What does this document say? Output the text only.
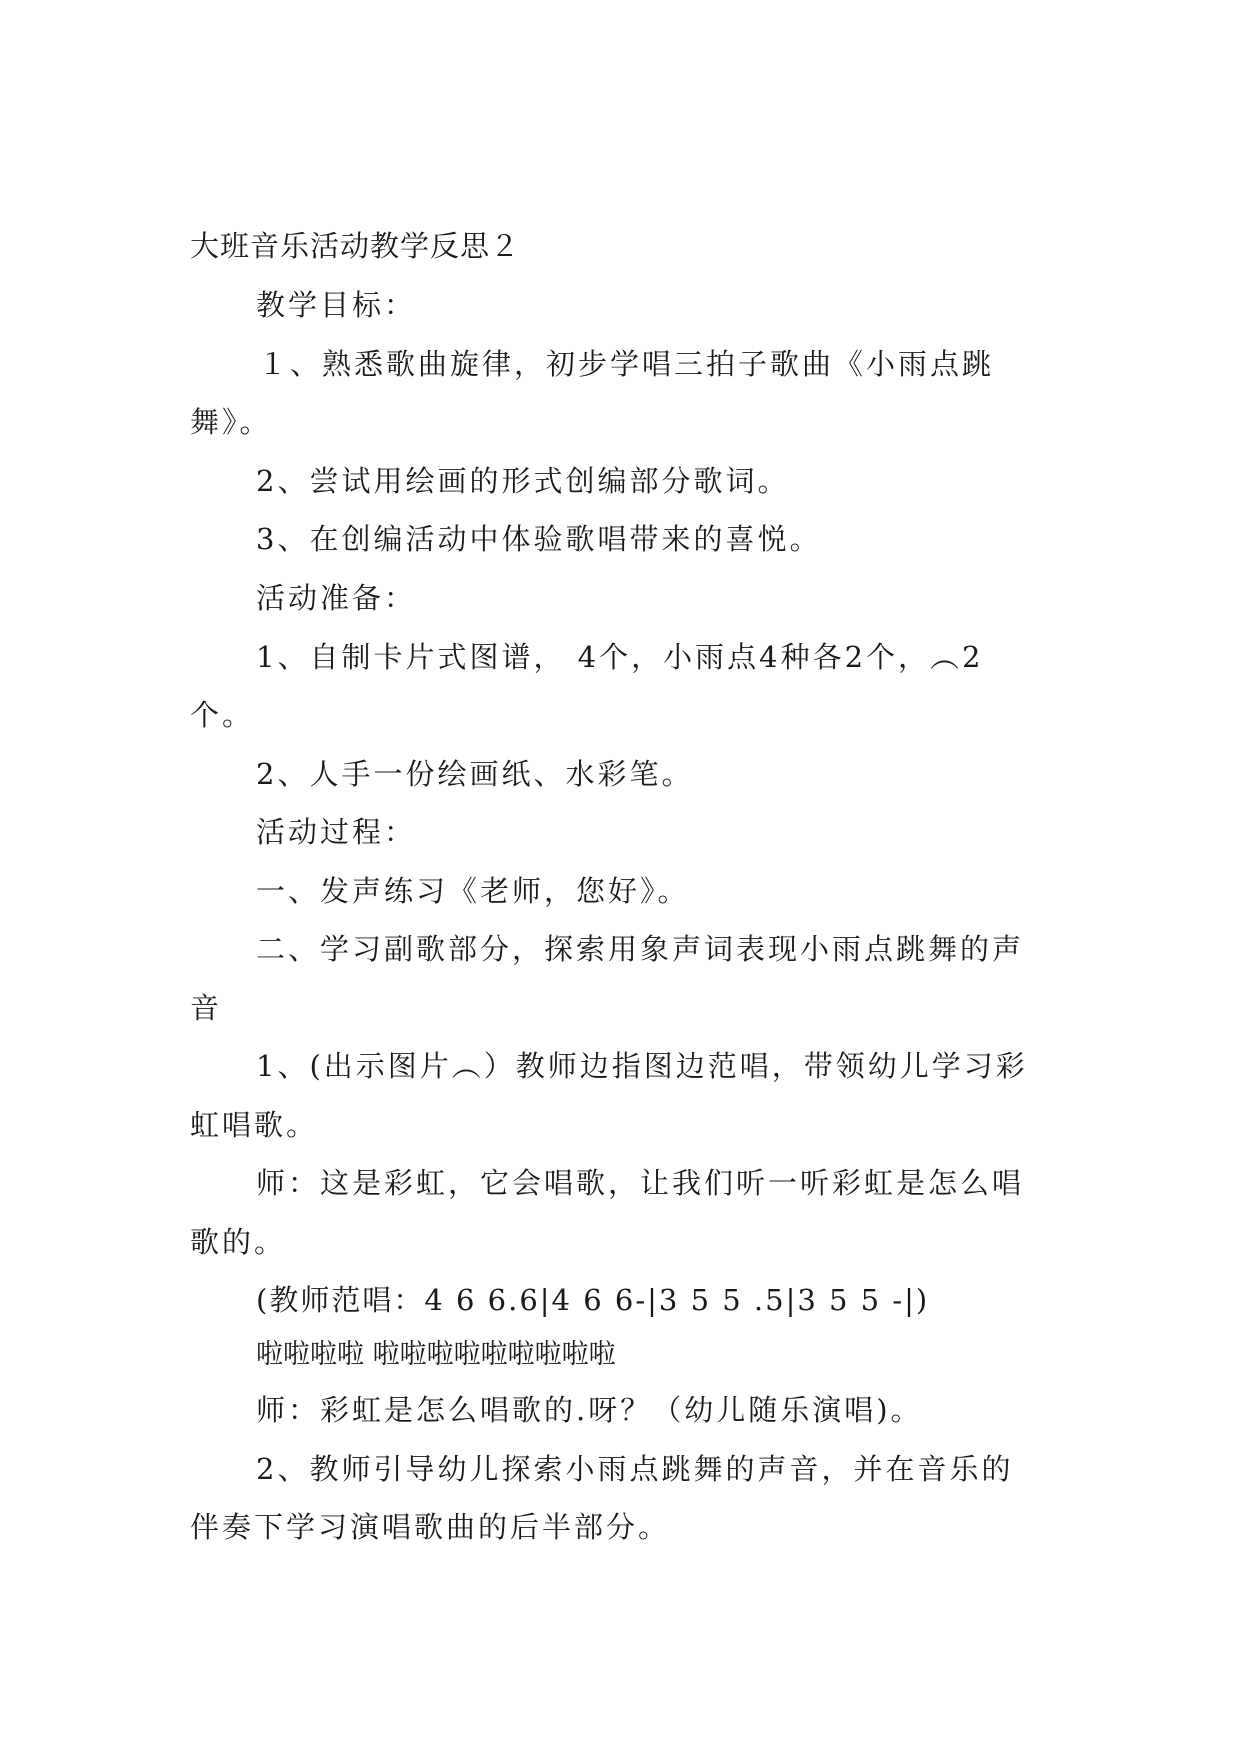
大班音乐活动教学反思２
教学目标：
１、熟悉歌曲旋律，初步学唱三拍子歌曲《小雨点跳
舞》。
2、尝试用绘画的形式创编部分歌词。
3、在创编活动中体验歌唱带来的喜悦。
活动准备：
1、自制卡片式图谱， 4个，小雨点4种各2个，︵2
个。
2、人手一份绘画纸、水彩笔。
活动过程：
一、发声练习《老师，您好》。
二、学习副歌部分，探索用象声词表现小雨点跳舞的声
音
1、(出示图片︵）教师边指图边范唱，带领幼儿学习彩
虹唱歌。
师：这是彩虹，它会唱歌，让我们听一听彩虹是怎么唱
歌的。
(教师范唱：4 6 6.6|4 6 6-|3 5 5 .5|3 5 5 -|)
啦啦啦啦 啦啦啦啦啦啦啦啦啦
师：彩虹是怎么唱歌的.呀？（幼儿随乐演唱)。
2、教师引导幼儿探索小雨点跳舞的声音，并在音乐的
伴奏下学习演唱歌曲的后半部分。
